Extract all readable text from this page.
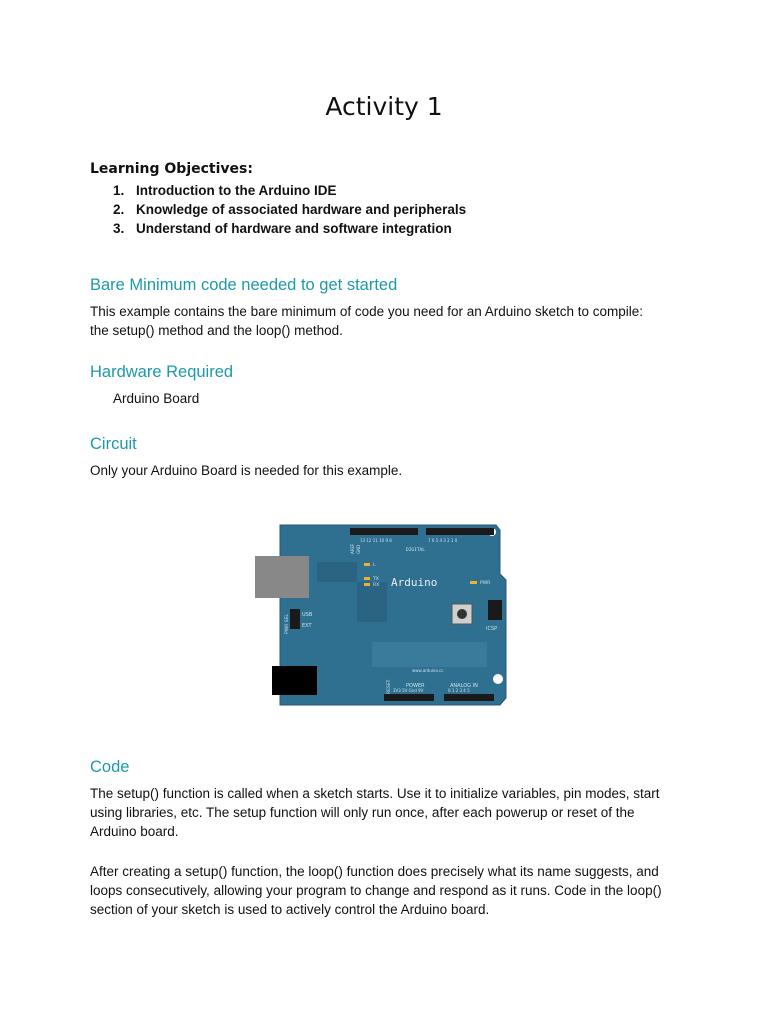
Activity 1
Learning Objectives:
1. Introduction to the Arduino IDE
2. Knowledge of associated hardware and peripherals
3. Understand of hardware and software integration
Bare Minimum code needed to get started
This example contains the bare minimum of code you need for an Arduino sketch to compile:
the setup() method and the loop() method.
Hardware Required
Arduino Board
Circuit
Only your Arduino Board is needed for this example.
Arduino
DIGITAL
L
TX
RX	PWR
ICSP
USB
EXT
POWER	ANALOG IN
3V3 5V Gnd 9V	0 1 2 3 4 5
www.arduino.cc
13 12 11 10 9 8	7 6 5 4 3 2 1 0
AREF GND
PWR SEL
RESET
Code
The setup() function is called when a sketch starts. Use it to initialize variables, pin modes, start
using libraries, etc. The setup function will only run once, after each powerup or reset of the
Arduino board.
After creating a setup() function, the loop() function does precisely what its name suggests, and
loops consecutively, allowing your program to change and respond as it runs. Code in the loop()
section of your sketch is used to actively control the Arduino board.
